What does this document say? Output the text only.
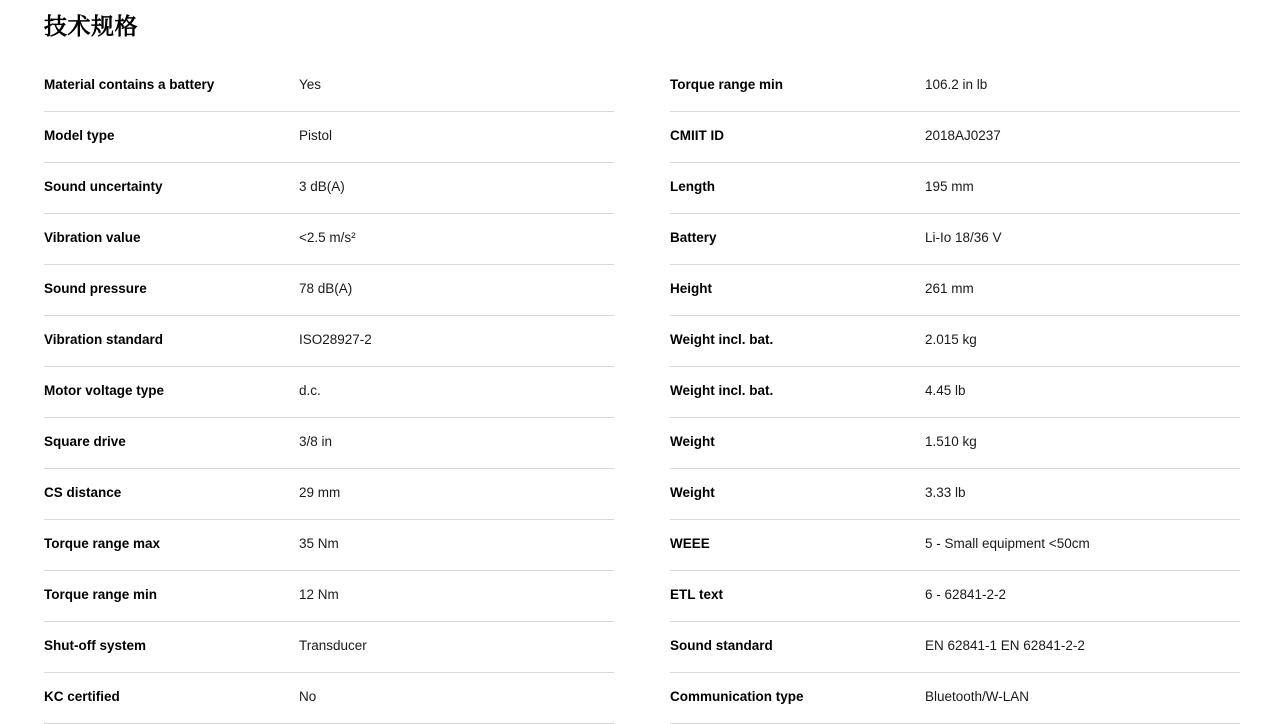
技术规格
Material contains a battery	Yes
Model type	Pistol
Sound uncertainty	3 dB(A)
Vibration value	<2.5 m/s²
Sound pressure	78 dB(A)
Vibration standard	ISO28927-2
Motor voltage type	d.c.
Square drive	3/8 in
CS distance	29 mm
Torque range max	35 Nm
Torque range min	12 Nm
Shut-off system	Transducer
KC certified	No
Torque range min	106.2 in lb
CMIIT ID	2018AJ0237
Length	195 mm
Battery	Li-Io 18/36 V
Height	261 mm
Weight incl. bat.	2.015 kg
Weight incl. bat.	4.45 lb
Weight	1.510 kg
Weight	3.33 lb
WEEE	5 - Small equipment <50cm
ETL text	6 - 62841-2-2
Sound standard	EN 62841-1 EN 62841-2-2
Communication type	Bluetooth/W-LAN
